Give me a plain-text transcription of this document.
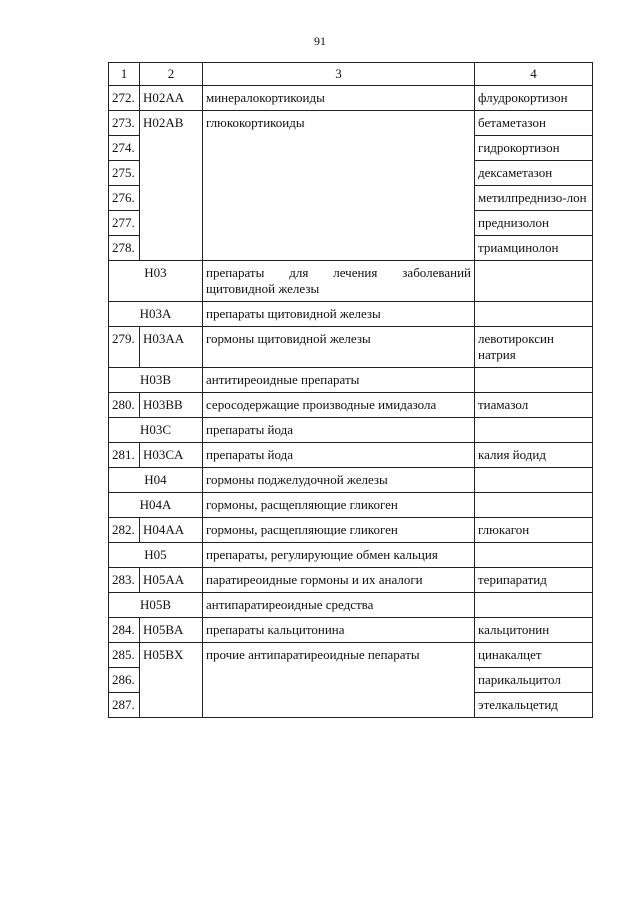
91
1	2	3	4
272.	H02AA	минералокортикоиды	флудрокортизон
273.	H02AB	глюкокортикоиды	бетаметазон
274.			гидрокортизон
275.			дексаметазон
276.			метилпреднизо-лон
277.			преднизолон
278.			триамцинолон
H03		препараты для лечения заболеваний щитовидной железы	
H03A		препараты щитовидной железы	
279.	H03AA	гормоны щитовидной железы	левотироксин натрия
H03B		антитиреоидные препараты	
280.	H03BB	серосодержащие производные имидазола	тиамазол
H03C		препараты йода	
281.	H03CA	препараты йода	калия йодид
H04		гормоны поджелудочной железы	
H04A		гормоны, расщепляющие гликоген	
282.	H04AA	гормоны, расщепляющие гликоген	глюкагон
H05		препараты, регулирующие обмен кальция	
283.	H05AA	паратиреоидные гормоны и их аналоги	терипаратид
H05B		антипаратиреоидные средства	
284.	H05BA	препараты кальцитонина	кальцитонин
285.	H05BX	прочие антипаратиреоидные пепараты	цинакалцет
286.			парикальцитол
287.			этелкальцетид
